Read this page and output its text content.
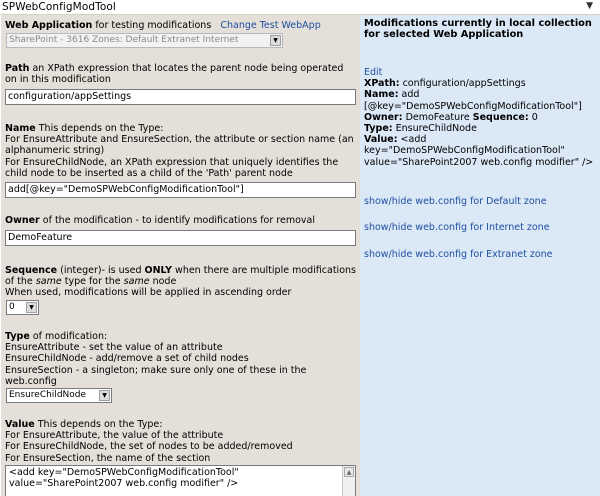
SPWebConfigModTool	▼
Web Application for testing modifications Change Test WebApp
SharePoint - 3616 Zones: Default Extranet Internet	▼
Path an XPath expression that locates the parent node being operated on in this modification
configuration/appSettings
Name This depends on the Type:
For EnsureAttribute and EnsureSection, the attribute or section name (an alphanumeric string)
For EnsureChildNode, an XPath expression that uniquely identifies the child node to be inserted as a child of the 'Path' parent node
add[@key="DemoSPWebConfigModificationTool"]
Owner of the modification - to identify modifications for removal
DemoFeature
Sequence (integer)- is used ONLY when there are multiple modifications of the same type for the same node
When used, modifications will be applied in ascending order
0	▼
Type of modification:
EnsureAttribute - set the value of an attribute
EnsureChildNode - add/remove a set of child nodes
EnsureSection - a singleton; make sure only one of these in the web.config
EnsureChildNode	▼
Value This depends on the Type:
For EnsureAttribute, the value of the attribute
For EnsureChildNode, the set of nodes to be added/removed
For EnsureSection, the name of the section
<add key="DemoSPWebConfigModificationTool"
value="SharePoint2007 web.config modifier" />
▲
Modifications currently in local collection for selected Web Application
Edit
XPath: configuration/appSettings
Name: add [@key="DemoSPWebConfigModificationTool"]
Owner: DemoFeature Sequence: 0
Type: EnsureChildNode
Value: <add key="DemoSPWebConfigModificationTool" value="SharePoint2007 web.config modifier" />
show/hide web.config for Default zone
show/hide web.config for Internet zone
show/hide web.config for Extranet zone
